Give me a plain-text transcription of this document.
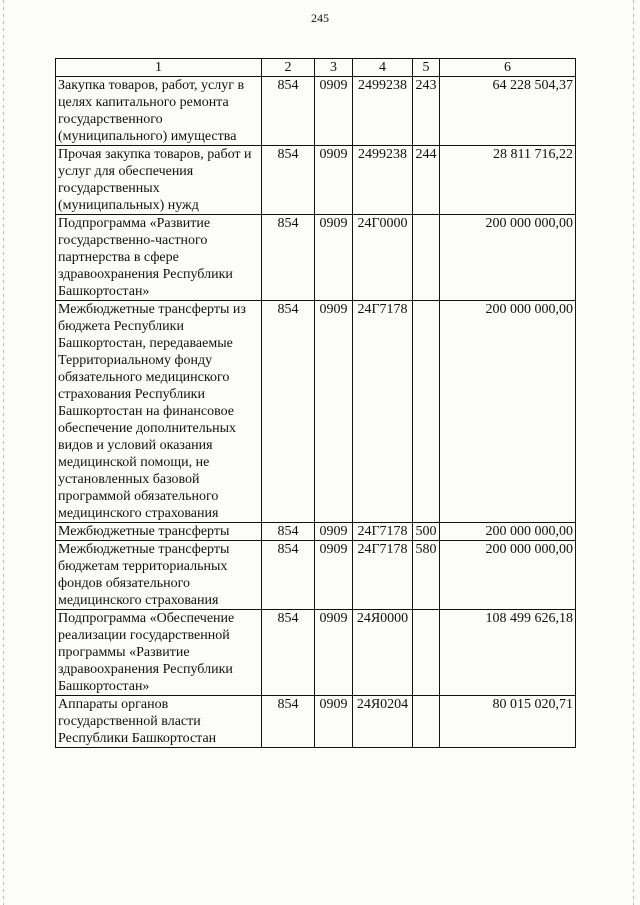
245
1	2	3	4	5	6
Закупка товаров, работ, услуг в целях капитального ремонта государственного (муниципального) имущества	854	0909	2499238	243	64 228 504,37
Прочая закупка товаров, работ и услуг для обеспечения государственных (муниципальных) нужд	854	0909	2499238	244	28 811 716,22
Подпрограмма «Развитие государственно-частного партнерства в сфере здравоохранения Республики Башкортостан»	854	0909	24Г0000		200 000 000,00
Межбюджетные трансферты из бюджета Республики Башкортостан, передаваемые Территориальному фонду обязательного медицинского страхования Республики Башкортостан на финансовое обеспечение дополнительных видов и условий оказания медицинской помощи, не установленных базовой программой обязательного медицинского страхования	854	0909	24Г7178		200 000 000,00
Межбюджетные трансферты	854	0909	24Г7178	500	200 000 000,00
Межбюджетные трансферты бюджетам территориальных фондов обязательного медицинского страхования	854	0909	24Г7178	580	200 000 000,00
Подпрограмма «Обеспечение реализации государственной программы «Развитие здравоохранения Республики Башкортостан»	854	0909	24Я0000		108 499 626,18
Аппараты органов государственной власти Республики Башкортостан	854	0909	24Я0204		80 015 020,71
